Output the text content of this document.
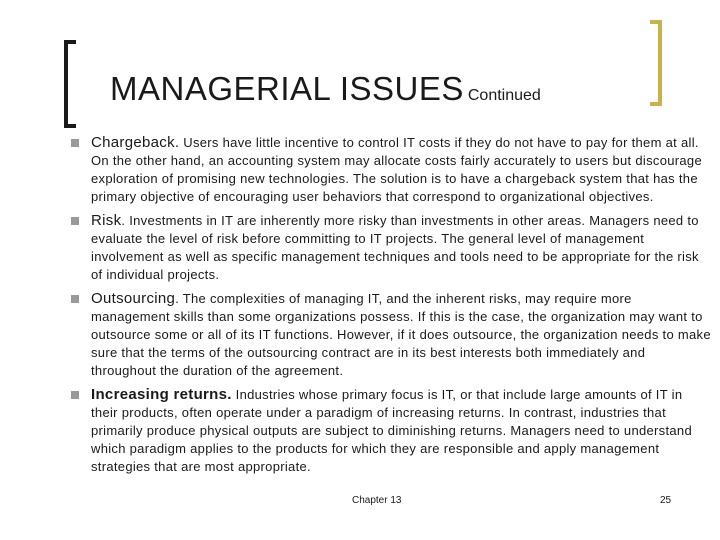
MANAGERIAL ISSUES Continued
Chargeback. Users have little incentive to control IT costs if they do not have to pay for them at all. On the other hand, an accounting system may allocate costs fairly accurately to users but discourage exploration of promising new technologies. The solution is to have a chargeback system that has the primary objective of encouraging user behaviors that correspond to organizational objectives.
Risk. Investments in IT are inherently more risky than investments in other areas. Managers need to evaluate the level of risk before committing to IT projects. The general level of management involvement as well as specific management techniques and tools need to be appropriate for the risk of individual projects.
Outsourcing. The complexities of managing IT, and the inherent risks, may require more management skills than some organizations possess. If this is the case, the organization may want to outsource some or all of its IT functions. However, if it does outsource, the organization needs to make sure that the terms of the outsourcing contract are in its best interests both immediately and throughout the duration of the agreement.
Increasing returns. Industries whose primary focus is IT, or that include large amounts of IT in their products, often operate under a paradigm of increasing returns. In contrast, industries that primarily produce physical outputs are subject to diminishing returns. Managers need to understand which paradigm applies to the products for which they are responsible and apply management strategies that are most appropriate.
Chapter 13	25
